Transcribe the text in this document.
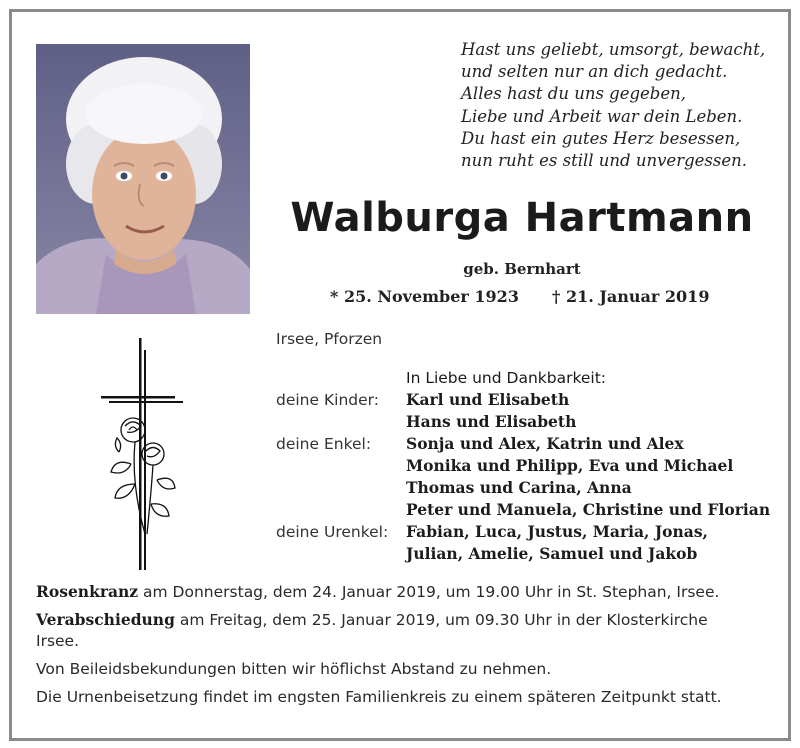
Hast uns geliebt, umsorgt, bewacht,
und selten nur an dich gedacht.
Alles hast du uns gegeben,
Liebe und Arbeit war dein Leben.
Du hast ein gutes Herz besessen,
nun ruht es still und unvergessen.
Walburga Hartmann
geb. Bernhart
* 25. November 1923 † 21. Januar 2019
Irsee, Pforzen
In Liebe und Dankbarkeit:
deine Kinder: Karl und Elisabeth
Hans und Elisabeth
deine Enkel: Sonja und Alex, Katrin und Alex
Monika und Philipp, Eva und Michael
Thomas und Carina, Anna
Peter und Manuela, Christine und Florian
deine Urenkel: Fabian, Luca, Justus, Maria, Jonas,
Julian, Amelie, Samuel und Jakob
Rosenkranz am Donnerstag, dem 24. Januar 2019, um 19.00 Uhr in St. Stephan, Irsee.
Verabschiedung am Freitag, dem 25. Januar 2019, um 09.30 Uhr in der Klosterkirche
Irsee.
Von Beileidsbekundungen bitten wir höflichst Abstand zu nehmen.
Die Urnenbeisetzung findet im engsten Familienkreis zu einem späteren Zeitpunkt statt.
